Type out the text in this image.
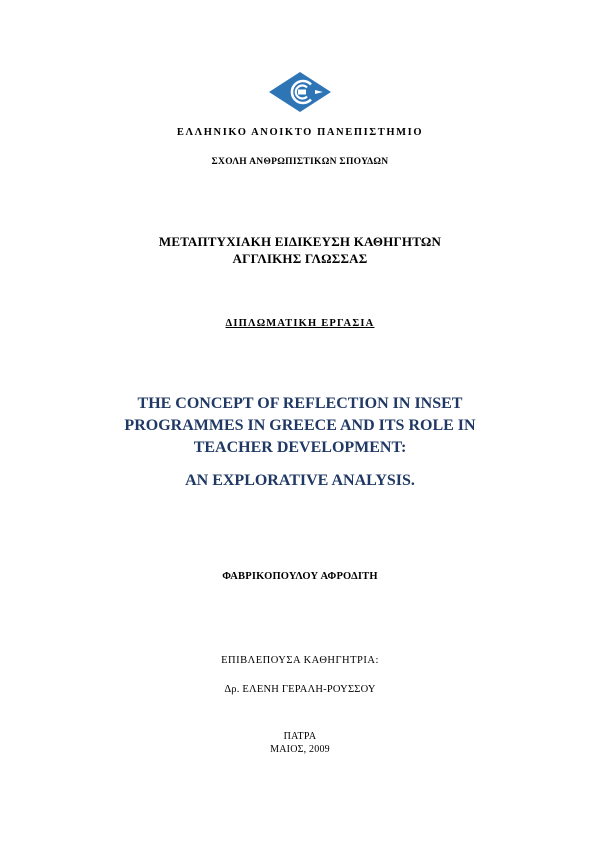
ΕΛΛΗΝΙΚΟ ΑΝΟΙΚΤΟ ΠΑΝΕΠΙΣΤΗΜΙΟ
ΣΧΟΛΗ ΑΝΘΡΩΠΙΣΤΙΚΩΝ ΣΠΟΥΔΩΝ
ΜΕΤΑΠΤΥΧΙΑΚΗ ΕΙΔΙΚΕΥΣΗ ΚΑΘΗΓΗΤΩΝ
ΑΓΓΛΙΚΗΣ ΓΛΩΣΣΑΣ
ΔΙΠΛΩΜΑΤΙΚΗ ΕΡΓΑΣΙΑ
THE CONCEPT OF REFLECTION IN INSET
PROGRAMMES IN GREECE AND ITS ROLE IN
TEACHER DEVELOPMENT:
AN EXPLORATIVE ANALYSIS.
ΦΑΒΡΙΚΟΠΟΥΛΟΥ ΑΦΡΟΔΙΤΗ
ΕΠΙΒΛΕΠΟΥΣΑ ΚΑΘΗΓΗΤΡΙΑ:
Δρ. ΕΛΕΝΗ ΓΕΡΑΛΗ-ΡΟΥΣΣΟΥ
ΠΑΤΡΑ
ΜΑΙΟΣ, 2009
